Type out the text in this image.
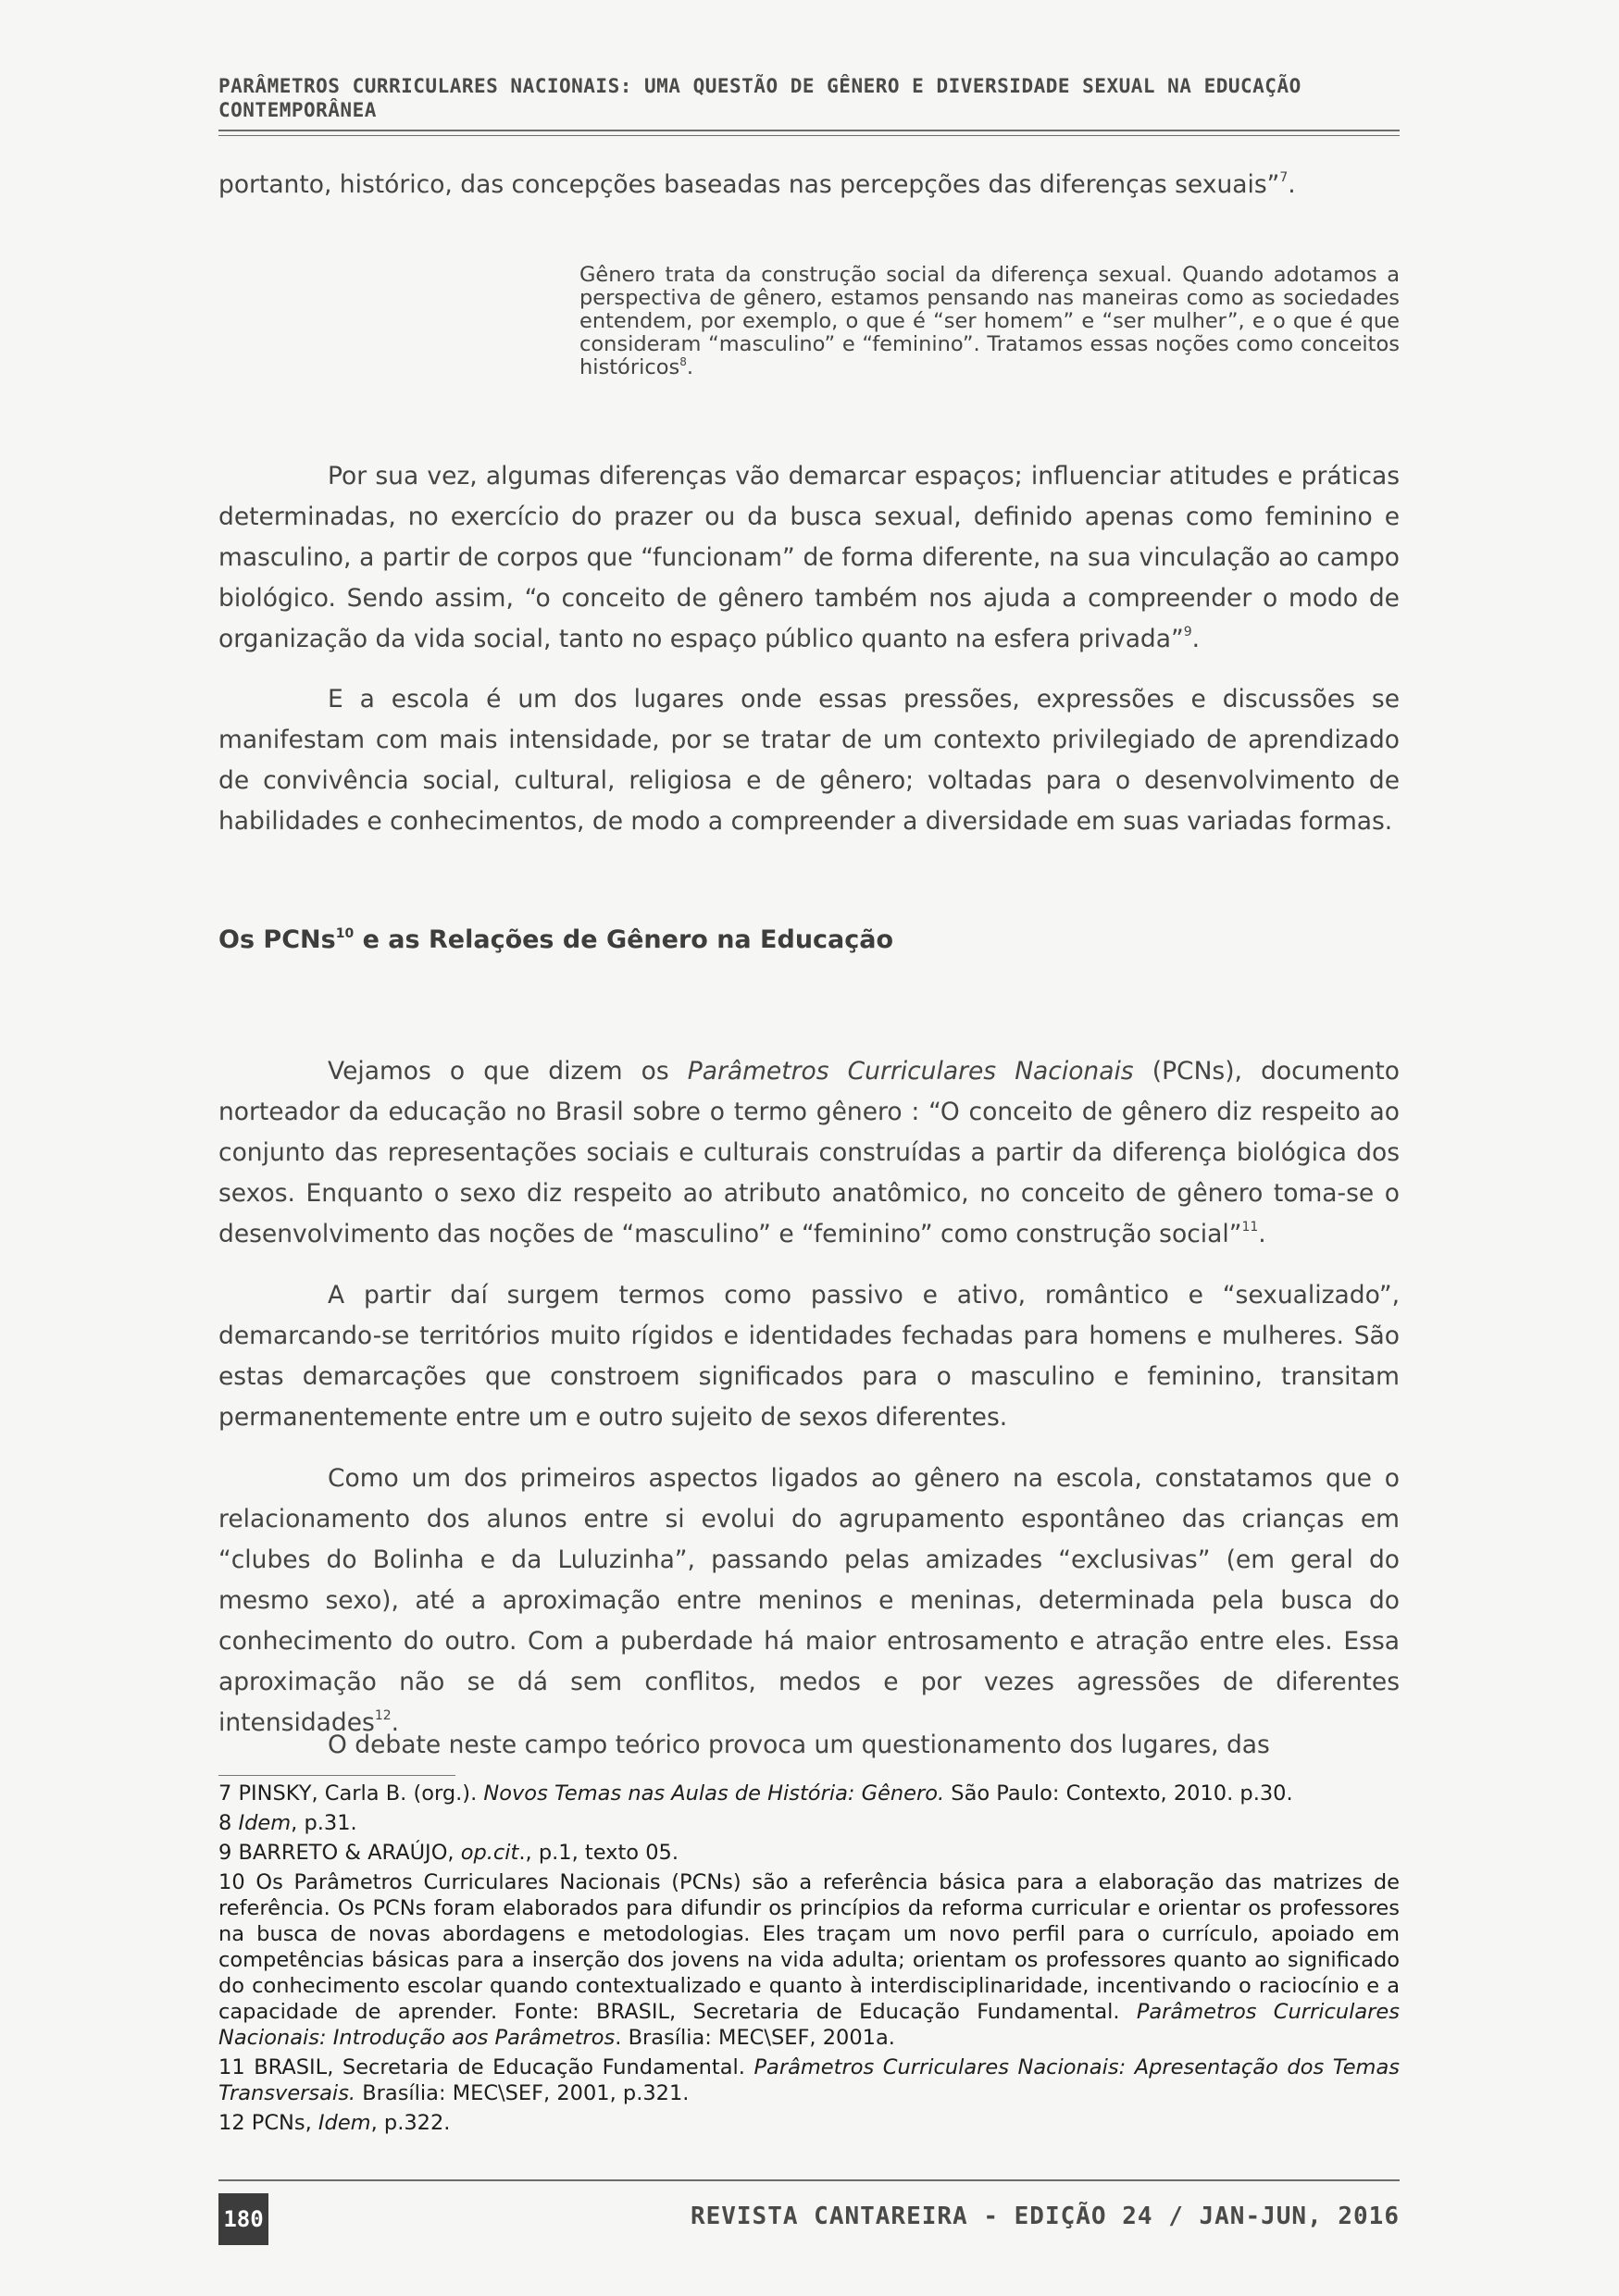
PARÂMETROS CURRICULARES NACIONAIS: UMA QUESTÃO DE GÊNERO E DIVERSIDADE SEXUAL NA EDUCAÇÃO CONTEMPORÂNEA
portanto, histórico, das concepções baseadas nas percepções das diferenças sexuais”$^7$.
Gênero trata da construção social da diferença sexual. Quando adotamos a perspectiva de gênero, estamos pensando nas maneiras como as sociedades entendem, por exemplo, o que é “ser homem” e “ser mulher”, e o que é que consideram “masculino” e “feminino”. Tratamos essas noções como conceitos históricos$^8$.
Por sua vez, algumas diferenças vão demarcar espaços; influenciar atitudes e práticas determinadas, no exercício do prazer ou da busca sexual, definido apenas como feminino e masculino, a partir de corpos que “funcionam” de forma diferente, na sua vinculação ao campo biológico. Sendo assim, “o conceito de gênero também nos ajuda a compreender o modo de organização da vida social, tanto no espaço público quanto na esfera privada”$^9$.
E a escola é um dos lugares onde essas pressões, expressões e discussões se manifestam com mais intensidade, por se tratar de um contexto privilegiado de aprendizado de convivência social, cultural, religiosa e de gênero; voltadas para o desenvolvimento de habilidades e conhecimentos, de modo a compreender a diversidade em suas variadas formas.
Os PCNs$^{10}$ e as Relações de Gênero na Educação
Vejamos o que dizem os Parâmetros Curriculares Nacionais (PCNs), documento norteador da educação no Brasil sobre o termo gênero : “O conceito de gênero diz respeito ao conjunto das representações sociais e culturais construídas a partir da diferença biológica dos sexos. Enquanto o sexo diz respeito ao atributo anatômico, no conceito de gênero toma-se o desenvolvimento das noções de “masculino” e “feminino” como construção social”$^{11}$.
A partir daí surgem termos como passivo e ativo, romântico e “sexualizado”, demarcando-se territórios muito rígidos e identidades fechadas para homens e mulheres. São estas demarcações que constroem significados para o masculino e feminino, transitam permanentemente entre um e outro sujeito de sexos diferentes.
Como um dos primeiros aspectos ligados ao gênero na escola, constatamos que o relacionamento dos alunos entre si evolui do agrupamento espontâneo das crianças em “clubes do Bolinha e da Luluzinha”, passando pelas amizades “exclusivas” (em geral do mesmo sexo), até a aproximação entre meninos e meninas, determinada pela busca do conhecimento do outro. Com a puberdade há maior entrosamento e atração entre eles. Essa aproximação não se dá sem conflitos, medos e por vezes agressões de diferentes intensidades$^{12}$.
O debate neste campo teórico provoca um questionamento dos lugares, das
7 PINSKY, Carla B. (org.). Novos Temas nas Aulas de História: Gênero. São Paulo: Contexto, 2010. p.30.
8 Idem, p.31.
9 BARRETO & ARAÚJO, op.cit., p.1, texto 05.
10 Os Parâmetros Curriculares Nacionais (PCNs) são a referência básica para a elaboração das matrizes de referência. Os PCNs foram elaborados para difundir os princípios da reforma curricular e orientar os professores na busca de novas abordagens e metodologias. Eles traçam um novo perfil para o currículo, apoiado em competências básicas para a inserção dos jovens na vida adulta; orientam os professores quanto ao significado do conhecimento escolar quando contextualizado e quanto à interdisciplinaridade, incentivando o raciocínio e a capacidade de aprender. Fonte: BRASIL, Secretaria de Educação Fundamental. Parâmetros Curriculares Nacionais: Introdução aos Parâmetros. Brasília: MEC\SEF, 2001a.
11 BRASIL, Secretaria de Educação Fundamental. Parâmetros Curriculares Nacionais: Apresentação dos Temas Transversais. Brasília: MEC\SEF, 2001, p.321.
12 PCNs, Idem, p.322.
180	REVISTA CANTAREIRA - EDIÇÃO 24 / JAN-JUN, 2016
